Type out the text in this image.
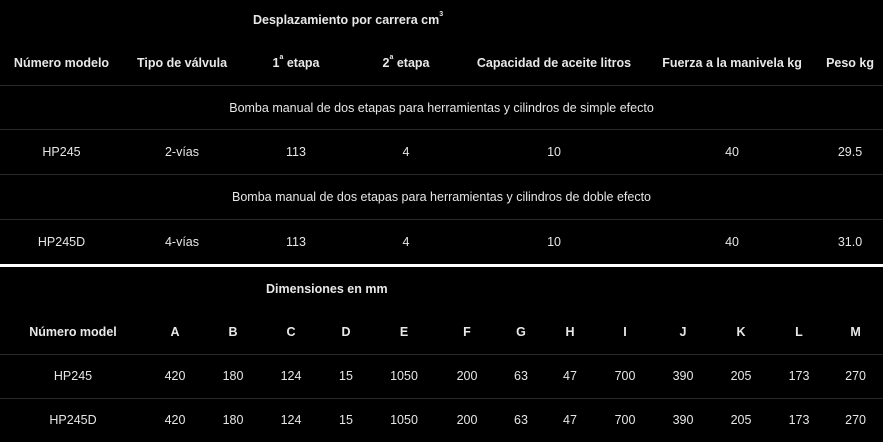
		Desplazamiento por carrera $cm^3$		
Número modelo	Tipo de válvula	1$^a$ etapa	2$^a$ etapa	Capacidad de aceite litros	Fuerza a la manivela kg	Peso kg
Bomba manual de dos etapas para herramientas y cilindros de simple efecto						
HP245	2-vías	113	4	10	40	29.5
Bomba manual de dos etapas para herramientas y cilindros de doble efecto						
HP245D	4-vías	113	4	10	40	31.0
Dimensiones en mm													
Número model	A	B	C	D	E	F	G	H	I	J	K	L	M
HP245	420	180	124	15	1050	200	63	47	700	390	205	173	270
HP245D	420	180	124	15	1050	200	63	47	700	390	205	173	270
